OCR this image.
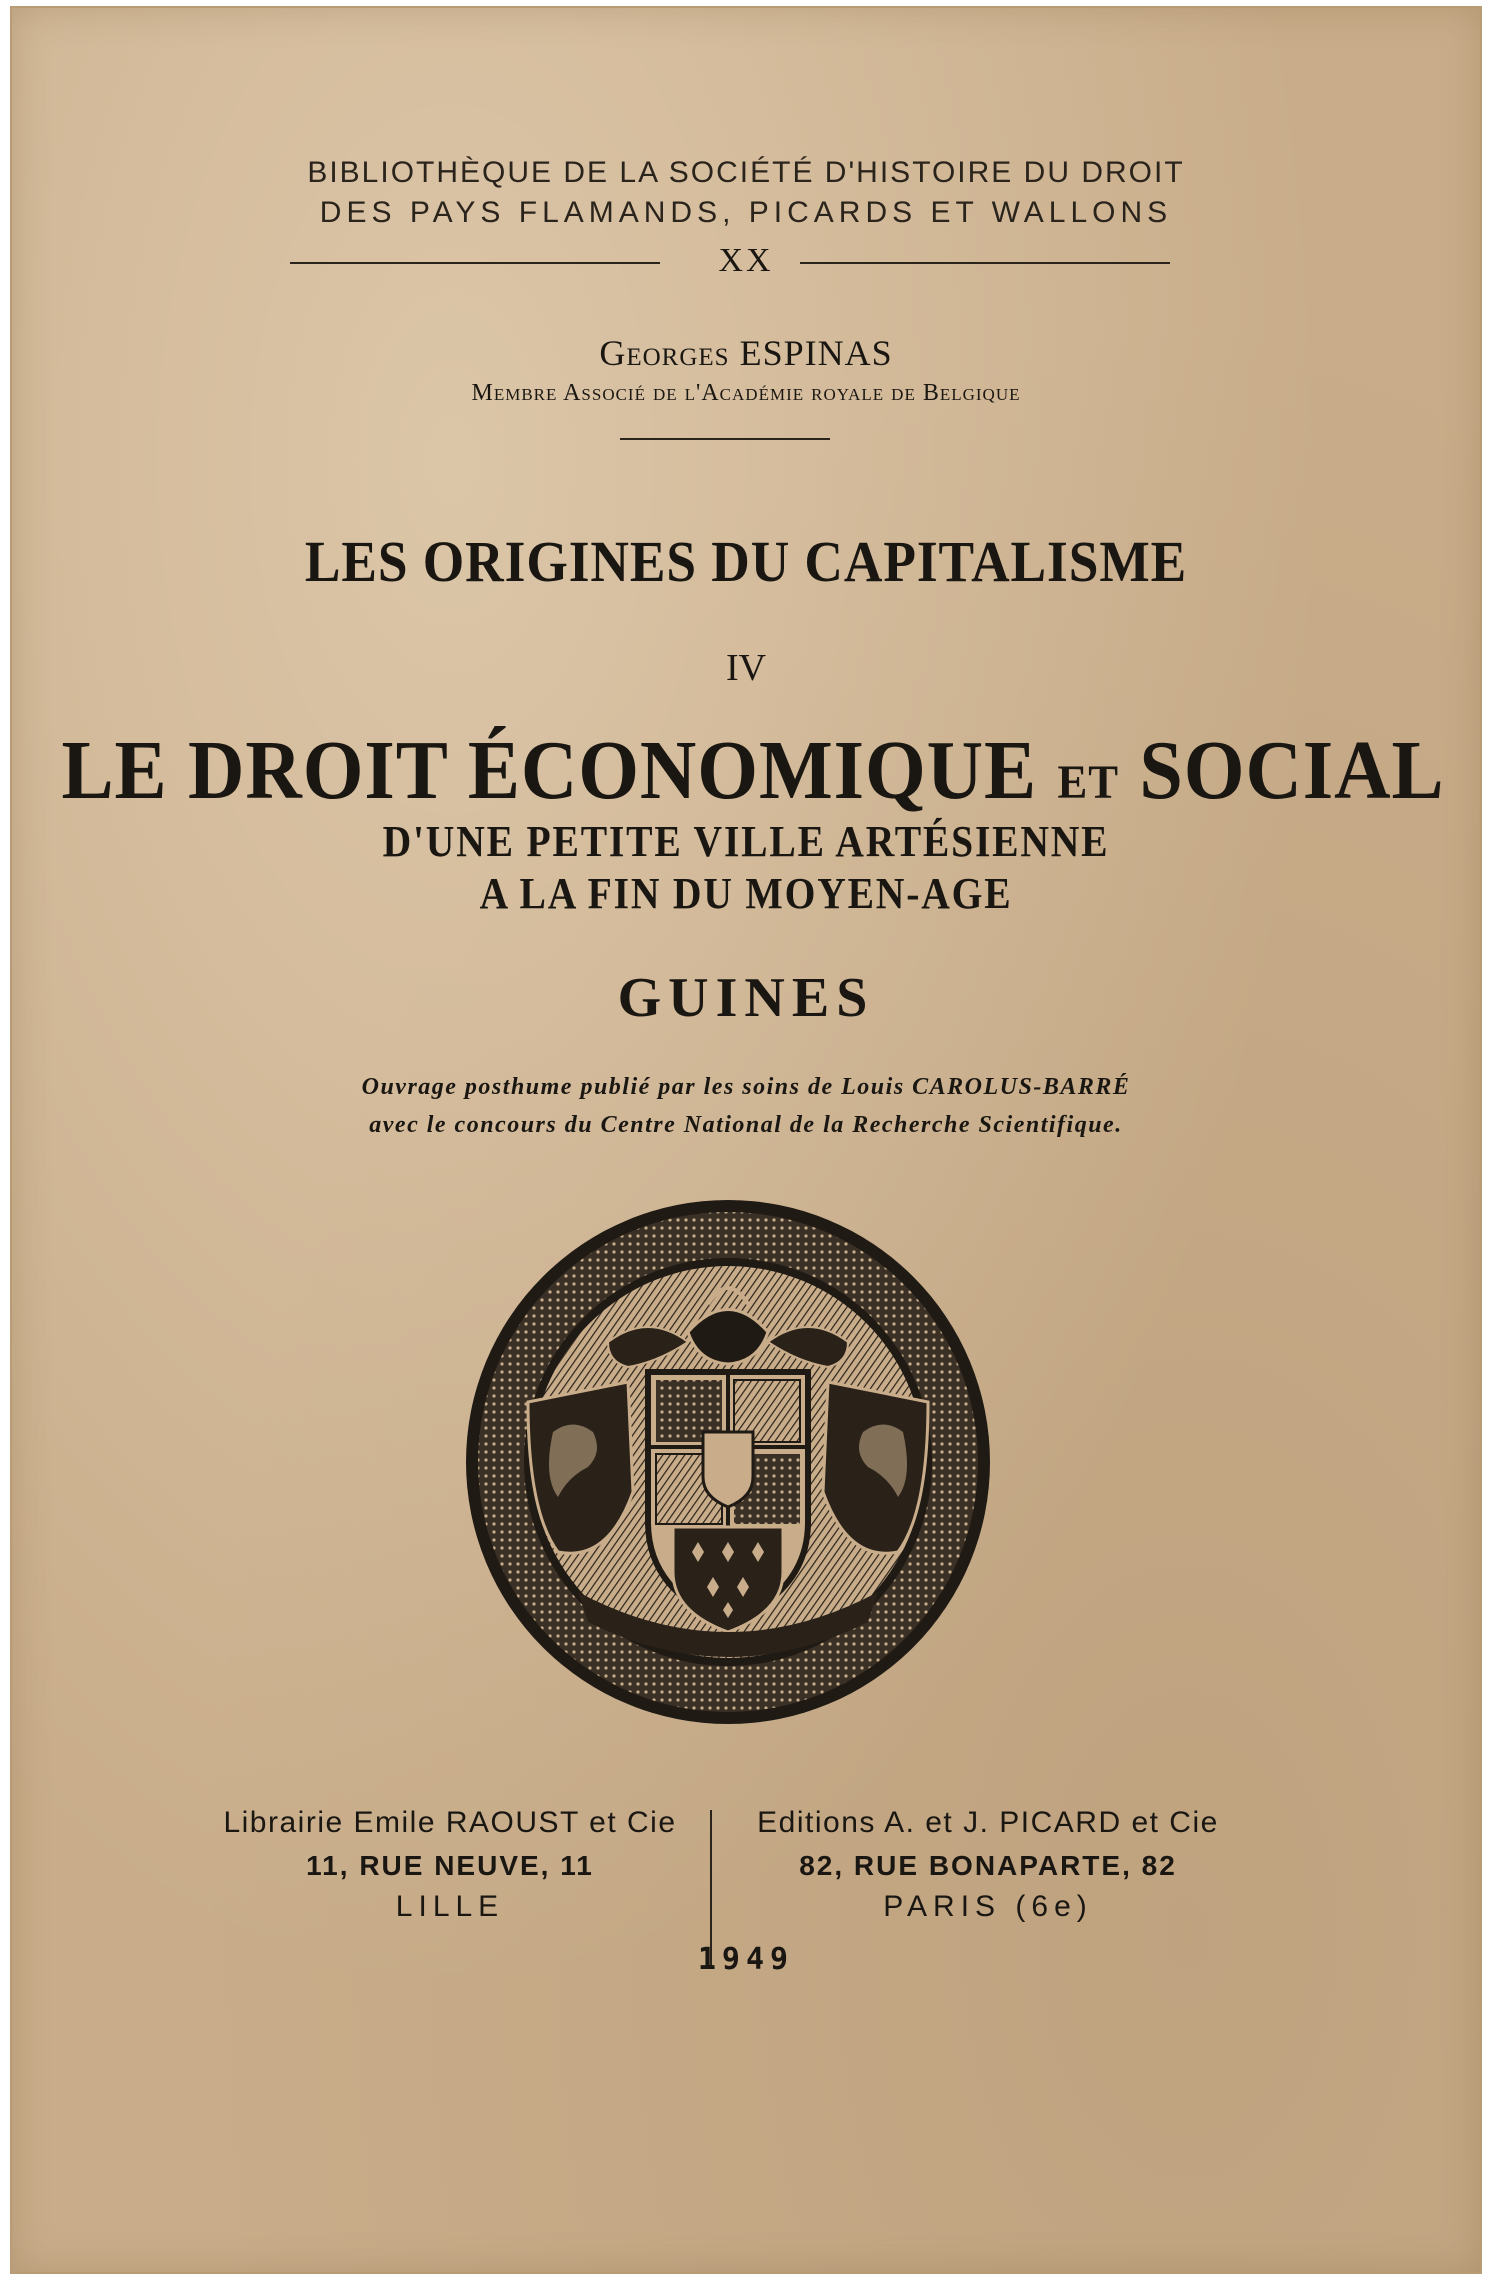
BIBLIOTHÈQUE DE LA SOCIÉTÉ D'HISTOIRE DU DROIT
DES PAYS FLAMANDS, PICARDS ET WALLONS
XX
Georges ESPINAS
Membre Associé de l'Académie royale de Belgique
LES ORIGINES DU CAPITALISME
IV
LE DROIT ÉCONOMIQUE ET SOCIAL
D'UNE PETITE VILLE ARTÉSIENNE
A LA FIN DU MOYEN-AGE
GUINES
Ouvrage posthume publié par les soins de Louis CAROLUS-BARRÉ
avec le concours du Centre National de la Recherche Scientifique.
Librairie Emile RAOUST et Cie
11, RUE NEUVE, 11
LILLE
Editions A. et J. PICARD et Cie
82, RUE BONAPARTE, 82
PARIS (6e)
1949
